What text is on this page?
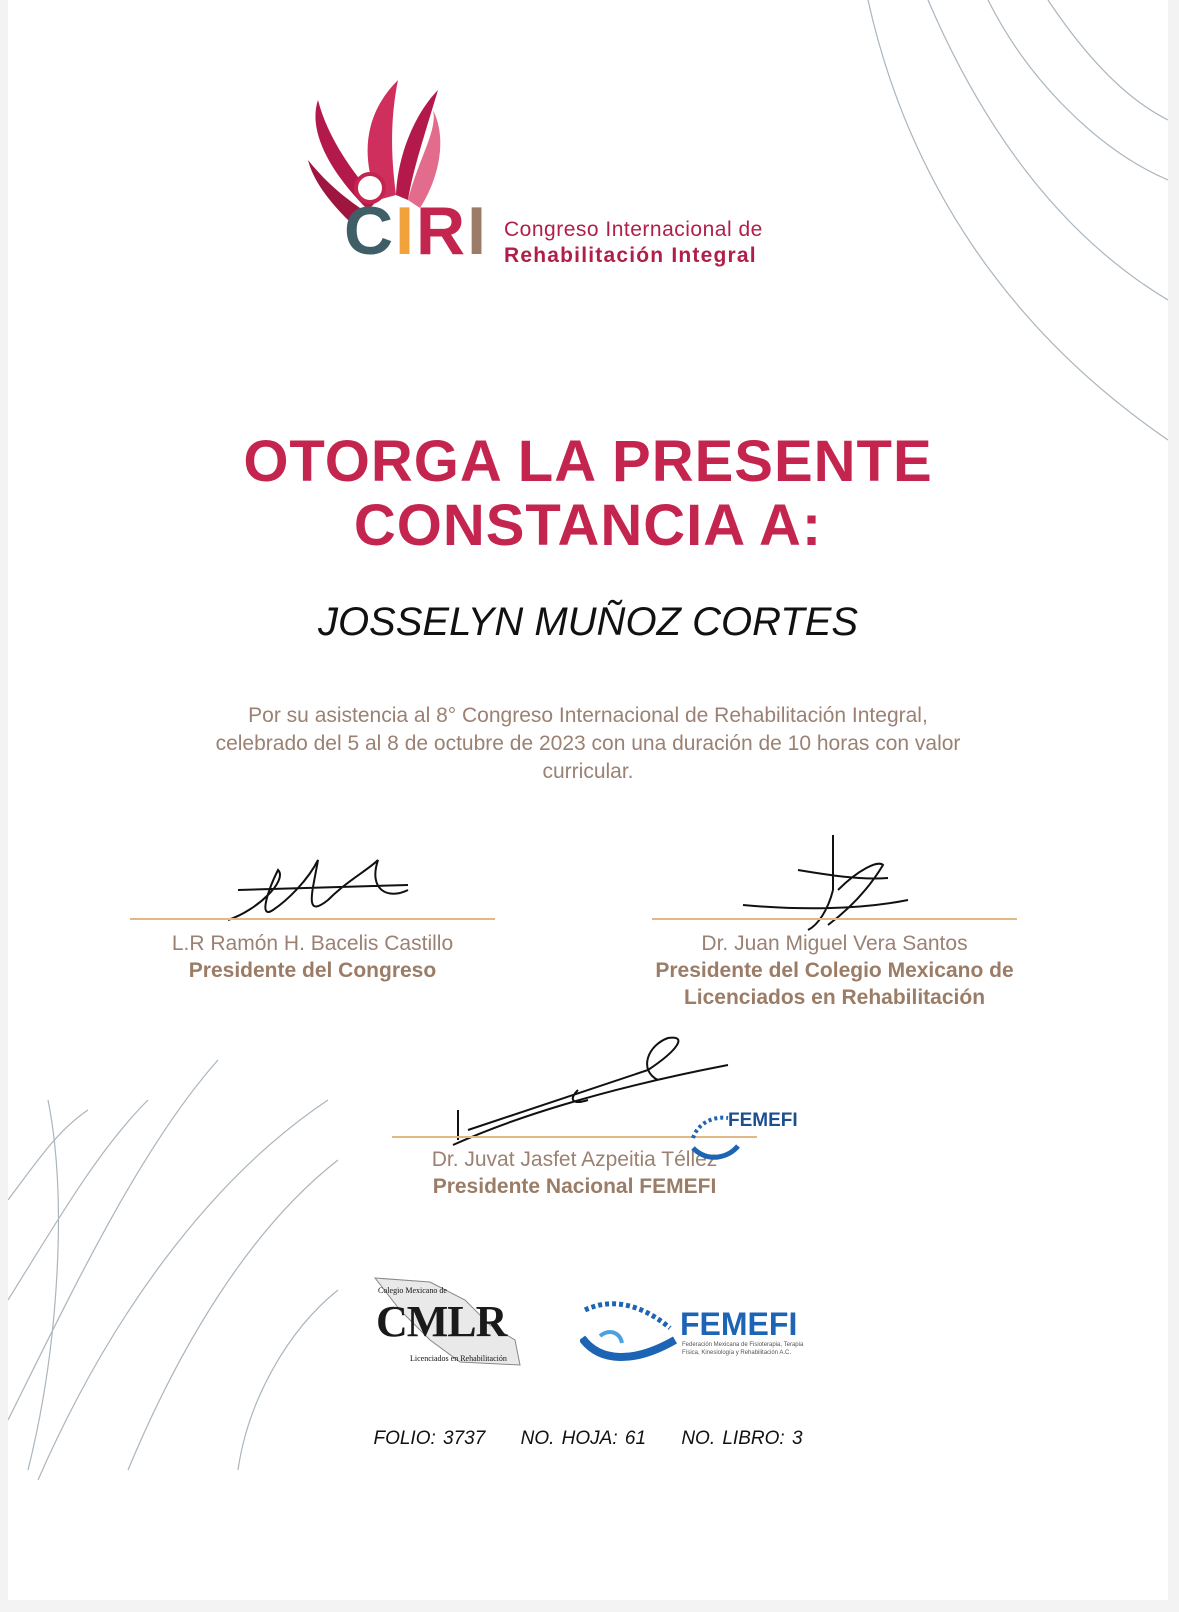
Congreso Internacional de
Rehabilitación Integral
CIRI
OTORGA LA PRESENTE
CONSTANCIA A:
JOSSELYN MUÑOZ CORTES
Por su asistencia al 8° Congreso Internacional de Rehabilitación Integral, celebrado del 5 al 8 de octubre de 2023 con una duración de 10 horas con valor curricular.
L.R Ramón H. Bacelis Castillo
Presidente del Congreso
Dr. Juan Miguel Vera Santos
Presidente del Colegio Mexicano de Licenciados en Rehabilitación
Dr. Juvat Jasfet Azpeitia Téllez
Presidente Nacional FEMEFI
FEMEFI
Colegio Mexicano de
CMLR
Licenciados en Rehabilitación
FEMEFI
Federación Mexicana de Fisioterapia, Terapia
Física, Kinesiología y Rehabilitación A.C.
FOLIO: 3737 NO. HOJA: 61 NO. LIBRO: 3
